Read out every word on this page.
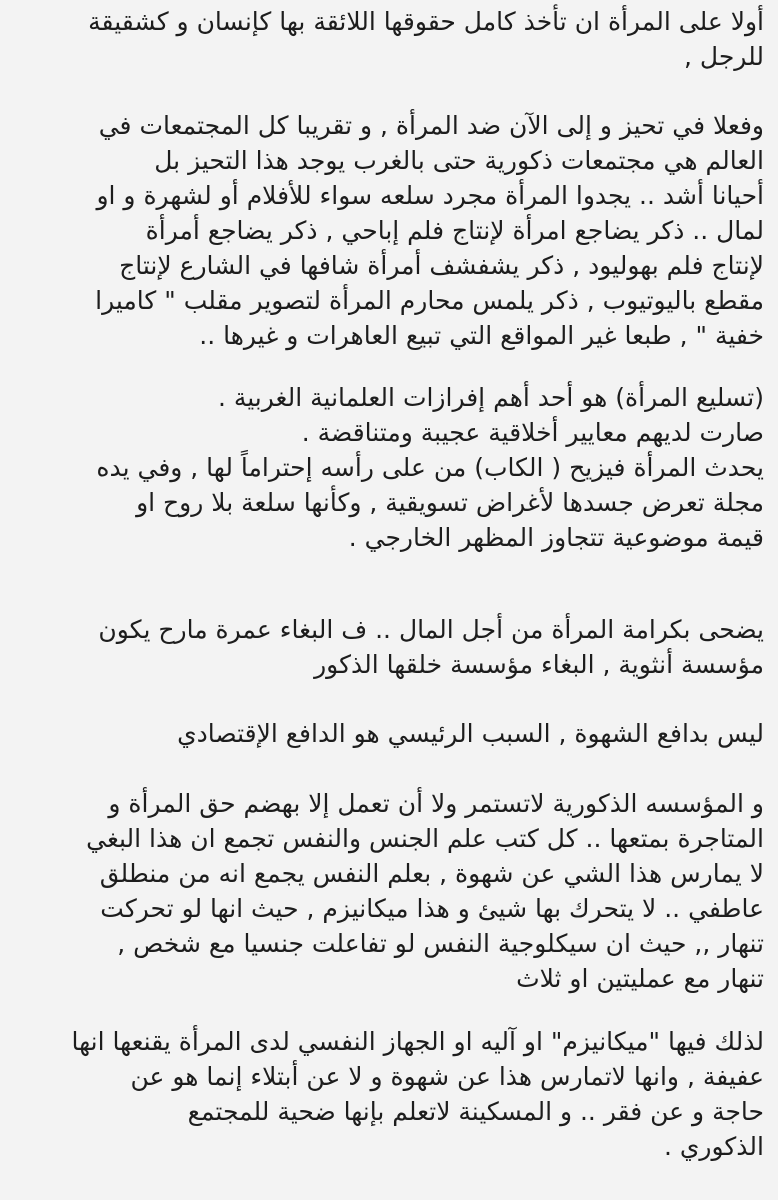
أولا على المرأة ان تأخذ كامل حقوقها اللائقة بها كإنسان و كشقيقة
للرجل ,
وفعلا في تحيز و إلى الآن ضد المرأة , و تقريبا كل المجتمعات في
العالم هي مجتمعات ذكورية حتى بالغرب يوجد هذا التحيز بل
أحيانا أشد .. يجدوا المرأة مجرد سلعه سواء للأفلام أو لشهرة و او
لمال .. ذكر يضاجع امرأة لإنتاج فلم إباحي , ذكر يضاجع أمرأة
لإنتاج فلم بهوليود , ذكر يشفشف أمرأة شافها في الشارع لإنتاج
مقطع باليوتيوب , ذكر يلمس محارم المرأة لتصوير مقلب " كاميرا
خفية " , طبعا غير المواقع التي تبيع العاهرات و غيرها ..
(تسليع المرأة) هو أحد أهم إفرازات العلمانية الغربية .
صارت لديهم معايير أخلاقية عجيبة ومتناقضة .
يحدث المرأة فيزيح ( الكاب) من على رأسه إحتراماً لها , وفي يده
مجلة تعرض جسدها لأغراض تسويقية , وكأنها سلعة بلا روح او
قيمة موضوعية تتجاوز المظهر الخارجي .
يضحى بكرامة المرأة من أجل المال .. ف البغاء عمرة مارح يكون
مؤسسة أنثوية , البغاء مؤسسة خلقها الذكور
ليس بدافع الشهوة , السبب الرئيسي هو الدافع الإقتصادي
و المؤسسه الذكورية لاتستمر ولا أن تعمل إلا بهضم حق المرأة و
المتاجرة بمتعها .. كل كتب علم الجنس والنفس تجمع ان هذا البغي
لا يمارس هذا الشي عن شهوة , بعلم النفس يجمع انه من منطلق
عاطفي .. لا يتحرك بها شيئ و هذا ميكانيزم , حيث انها لو تحركت
تنهار ,, حيث ان سيكلوجية النفس لو تفاعلت جنسيا مع شخص ,
تنهار مع عمليتين او ثلاث
لذلك فيها "ميكانيزم" او آليه او الجهاز النفسي لدى المرأة يقنعها انها
عفيفة , وانها لاتمارس هذا عن شهوة و لا عن أبتلاء إنما هو عن
حاجة و عن فقر .. و المسكينة لاتعلم بإنها ضحية للمجتمع
الذكوري .
